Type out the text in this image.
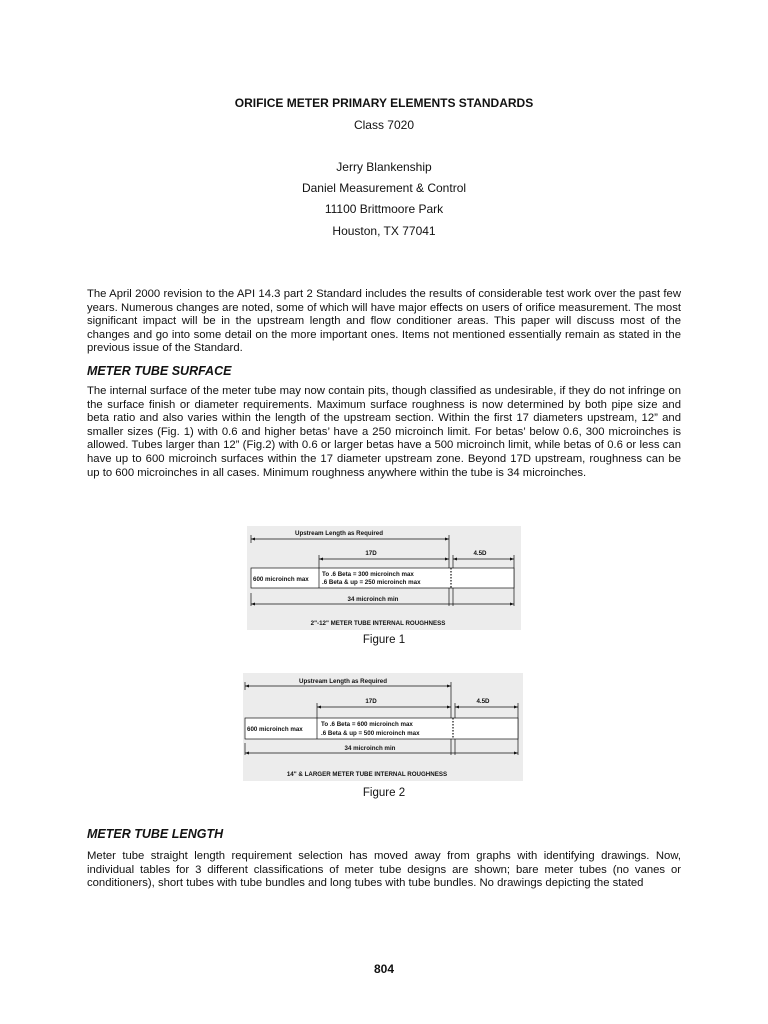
ORIFICE METER PRIMARY ELEMENTS STANDARDS
Class 7020
Jerry Blankenship
Daniel Measurement & Control
11100 Brittmoore Park
Houston, TX 77041
The April 2000 revision to the API 14.3 part 2 Standard includes the results of considerable test work over the past few years. Numerous changes are noted, some of which will have major effects on users of orifice measurement. The most significant impact will be in the upstream length and flow conditioner areas. This paper will discuss most of the changes and go into some detail on the more important ones. Items not mentioned essentially remain as stated in the previous issue of the Standard.
METER TUBE SURFACE
The internal surface of the meter tube may now contain pits, though classified as undesirable, if they do not infringe on the surface finish or diameter requirements. Maximum surface roughness is now determined by both pipe size and beta ratio and also varies within the length of the upstream section. Within the first 17 diameters upstream, 12” and smaller sizes (Fig. 1) with 0.6 and higher betas’ have a 250 microinch limit. For betas’ below 0.6, 300 microinches is allowed. Tubes larger than 12” (Fig.2) with 0.6 or larger betas have a 500 microinch limit, while betas of 0.6 or less can have up to 600 microinch surfaces within the 17 diameter upstream zone. Beyond 17D upstream, roughness can be up to 600 microinches in all cases. Minimum roughness anywhere within the tube is 34 microinches.
Upstream Length as Required
17D	4.5D
600 microinch max
To .6 Beta = 300 microinch max
.6 Beta & up = 250 microinch max
34 microinch min
2"-12" METER TUBE INTERNAL ROUGHNESS
Figure 1
Upstream Length as Required
17D	4.5D
600 microinch max
To .6 Beta = 600 microinch max
.6 Beta & up = 500 microinch max
34 microinch min
14" & LARGER METER TUBE INTERNAL ROUGHNESS
Figure 2
METER TUBE LENGTH
Meter tube straight length requirement selection has moved away from graphs with identifying drawings. Now, individual tables for 3 different classifications of meter tube designs are shown; bare meter tubes (no vanes or conditioners), short tubes with tube bundles and long tubes with tube bundles. No drawings depicting the stated
804
